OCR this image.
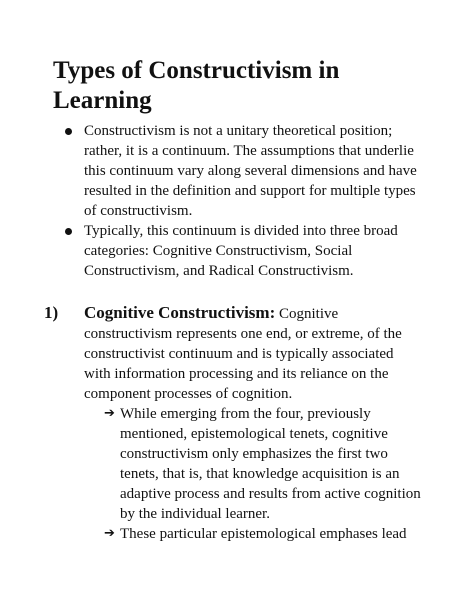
Types of Constructivism in
Learning
Constructivism is not a unitary theoretical position; rather, it is a continuum. The assumptions that underlie this continuum vary along several dimensions and have resulted in the definition and support for multiple types of constructivism.
Typically, this continuum is divided into three broad categories: Cognitive Constructivism, Social Constructivism, and Radical Constructivism.
1) Cognitive Constructivism: Cognitive constructivism represents one end, or extreme, of the constructivist continuum and is typically associated with information processing and its reliance on the component processes of cognition.
➔ While emerging from the four, previously mentioned, epistemological tenets, cognitive constructivism only emphasizes the first two tenets, that is, that knowledge acquisition is an adaptive process and results from active cognition by the individual learner.
➔ These particular epistemological emphases lead
